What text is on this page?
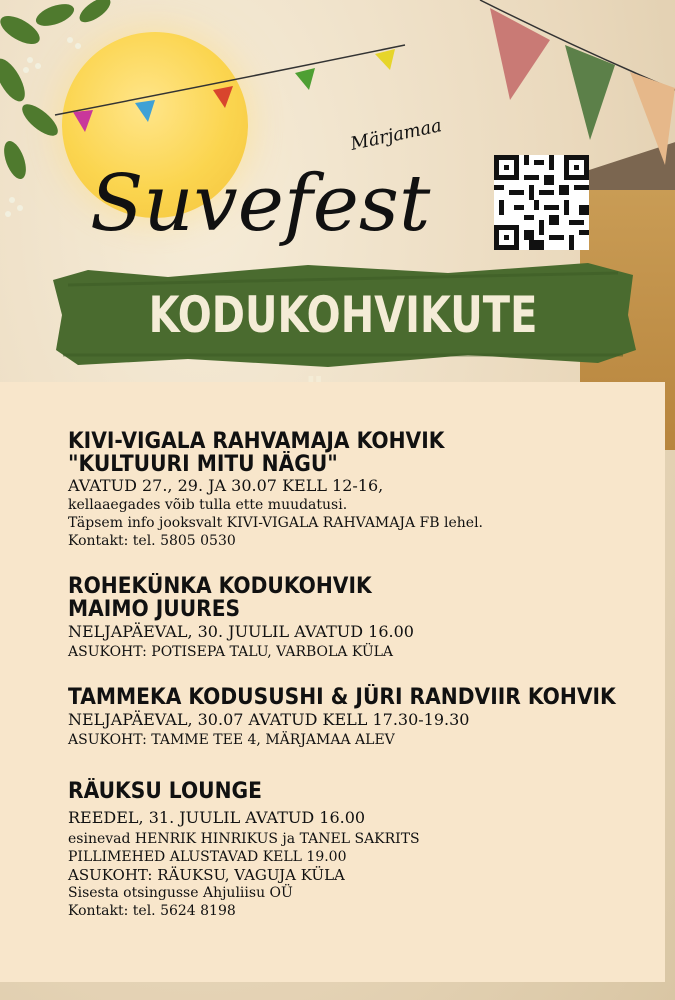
Suvefest
Märjamaa
KODUKOHVIKUTE

KIVI-VIGALA RAHVAMAJA KOHVIK

"KULTUURI MITU NÄGU"

AVATUD 27., 29. JA 30.07 KELL 12-16,

kellaaegades võib tulla ette muudatusi.

Täpsem info jooksvalt KIVI-VIGALA RAHVAMAJA FB lehel.

Kontakt: tel. 5805 0530

ROHEKÜNKA KODUKOHVIK

MAIMO JUURES

NELJAPÄEVAL, 30. JUULIL AVATUD 16.00

ASUKOHT: POTISEPA TALU, VARBOLA KÜLA

TAMMEKA KODUSUSHI & JÜRI RANDVIIR KOHVIK

NELJAPÄEVAL, 30.07 AVATUD KELL 17.30-19.30

ASUKOHT: TAMME TEE 4, MÄRJAMAA ALEV

RÄUKSU LOUNGE

REEDEL, 31. JUULIL AVATUD 16.00

esinevad HENRIK HINRIKUS ja TANEL SAKRITS

PILLIMEHED ALUSTAVAD KELL 19.00

ASUKOHT: RÄUKSU, VAGUJA KÜLA

Sisesta otsingusse Ahjuliisu OÜ

Kontakt: tel. 5624 8198
